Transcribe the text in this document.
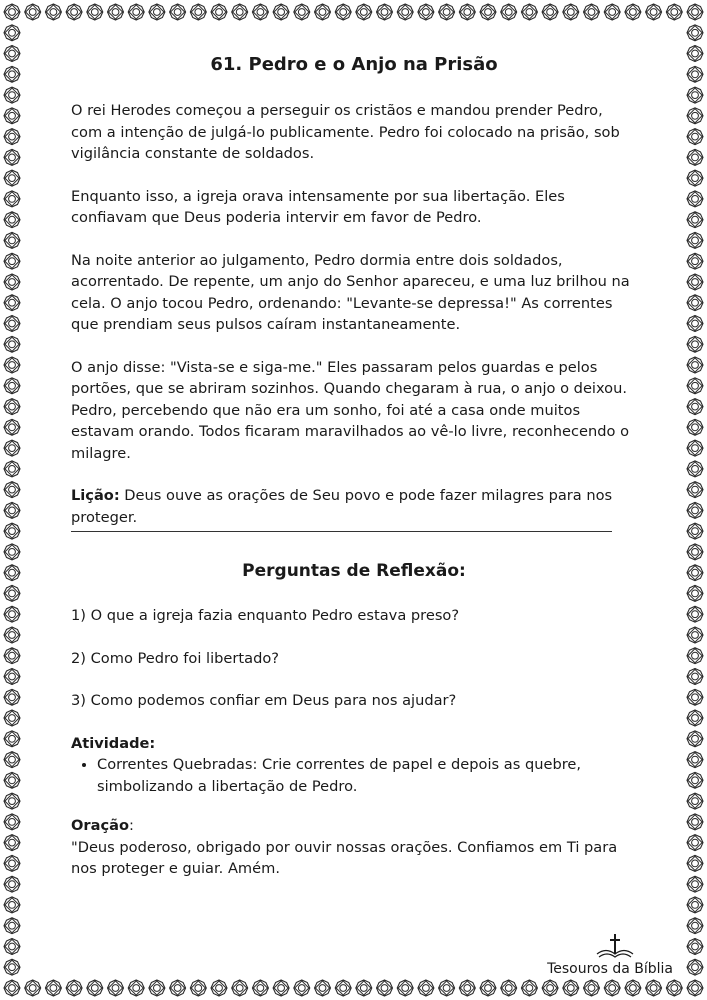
61. Pedro e o Anjo na Prisão

O rei Herodes começou a perseguir os cristãos e mandou prender Pedro, com a intenção de julgá-lo publicamente. Pedro foi colocado na prisão, sob vigilância constante de soldados.

Enquanto isso, a igreja orava intensamente por sua libertação. Eles confiavam que Deus poderia intervir em favor de Pedro.

Na noite anterior ao julgamento, Pedro dormia entre dois soldados, acorrentado. De repente, um anjo do Senhor apareceu, e uma luz brilhou na cela. O anjo tocou Pedro, ordenando: "Levante-se depressa!" As correntes que prendiam seus pulsos caíram instantaneamente.

O anjo disse: "Vista-se e siga-me." Eles passaram pelos guardas e pelos portões, que se abriram sozinhos. Quando chegaram à rua, o anjo o deixou. Pedro, percebendo que não era um sonho, foi até a casa onde muitos estavam orando. Todos ficaram maravilhados ao vê-lo livre, reconhecendo o milagre.

Lição: Deus ouve as orações de Seu povo e pode fazer milagres para nos proteger.

Perguntas de Reflexão:

1) O que a igreja fazia enquanto Pedro estava preso?

2) Como Pedro foi libertado?

3) Como podemos confiar em Deus para nos ajudar?

Atividade:

• Correntes Quebradas: Crie correntes de papel e depois as quebre, simbolizando a libertação de Pedro.

Oração:

"Deus poderoso, obrigado por ouvir nossas orações. Confiamos em Ti para nos proteger e guiar. Amém.

Tesouros da Bíblia
